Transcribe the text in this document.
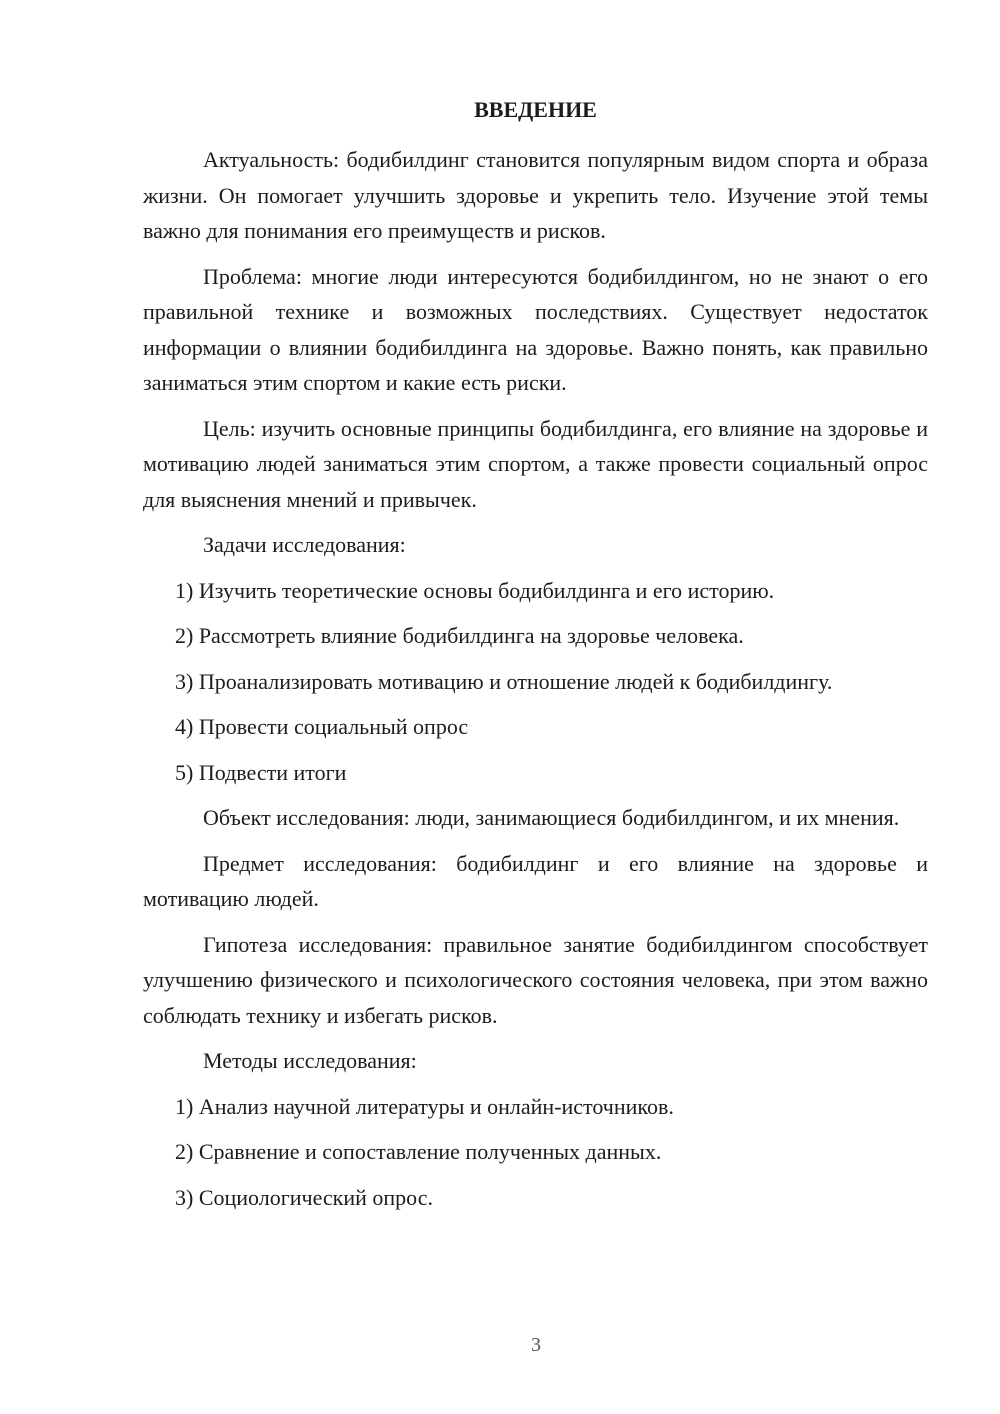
ВВЕДЕНИЕ

Актуальность: бодибилдинг становится популярным видом спорта и образа жизни. Он помогает улучшить здоровье и укрепить тело. Изучение этой темы важно для понимания его преимуществ и рисков.

Проблема: многие люди интересуются бодибилдингом, но не знают о его правильной технике и возможных последствиях. Существует недостаток информации о влиянии бодибилдинга на здоровье. Важно понять, как правильно заниматься этим спортом и какие есть риски.

Цель: изучить основные принципы бодибилдинга, его влияние на здоровье и мотивацию людей заниматься этим спортом, а также провести социальный опрос для выяснения мнений и привычек.

Задачи исследования:

1) Изучить теоретические основы бодибилдинга и его историю.
2) Рассмотреть влияние бодибилдинга на здоровье человека.
3) Проанализировать мотивацию и отношение людей к бодибилдингу.
4) Провести социальный опрос
5) Подвести итоги

Объект исследования: люди, занимающиеся бодибилдингом, и их мнения.

Предмет исследования: бодибилдинг и его влияние на здоровье и мотивацию людей.

Гипотеза исследования: правильное занятие бодибилдингом способствует улучшению физического и психологического состояния человека, при этом важно соблюдать технику и избегать рисков.

Методы исследования:

1) Анализ научной литературы и онлайн-источников.
2) Сравнение и сопоставление полученных данных.
3) Социологический опрос.
3
